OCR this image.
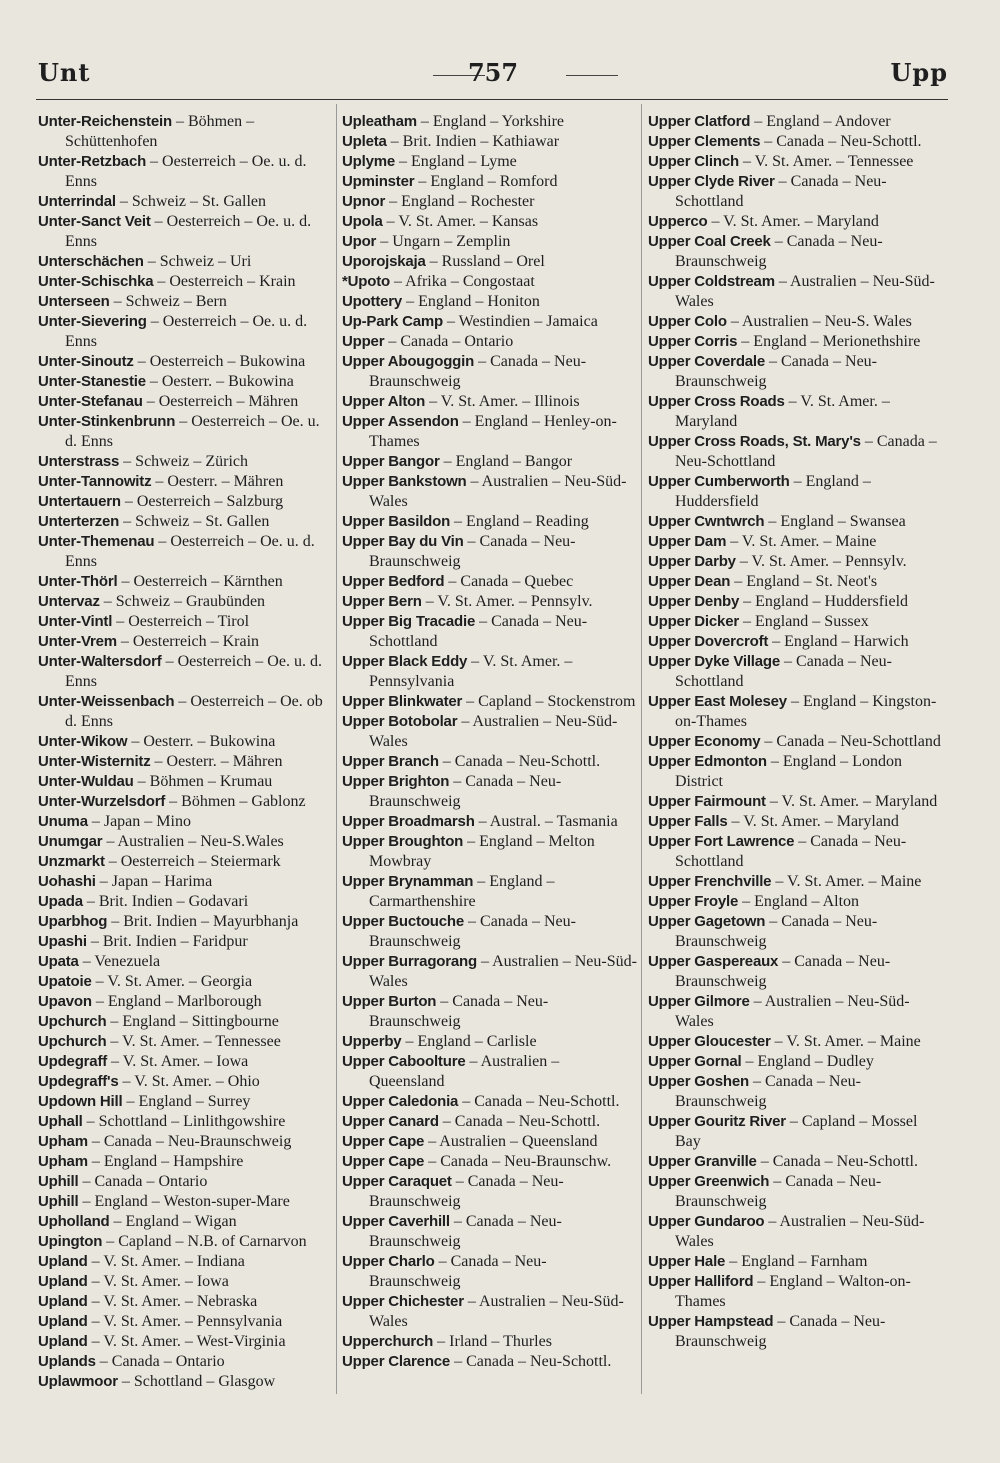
Unt	757	Upp
Unter-Reichenstein – Böhmen – Schüttenhofen
Unter-Retzbach – Oesterreich – Oe. u. d. Enns
Unterrindal – Schweiz – St. Gallen
Unter-Sanct Veit – Oesterreich – Oe. u. d. Enns
Unterschächen – Schweiz – Uri
Unter-Schischka – Oesterreich – Krain
Unterseen – Schweiz – Bern
Unter-Sievering – Oesterreich – Oe. u. d. Enns
Unter-Sinoutz – Oesterreich – Bukowina
Unter-Stanestie – Oesterr. – Bukowina
Unter-Stefanau – Oesterreich – Mähren
Unter-Stinkenbrunn – Oesterreich – Oe. u. d. Enns
Unterstrass – Schweiz – Zürich
Unter-Tannowitz – Oesterr. – Mähren
Untertauern – Oesterreich – Salzburg
Unterterzen – Schweiz – St. Gallen
Unter-Themenau – Oesterreich – Oe. u. d. Enns
Unter-Thörl – Oesterreich – Kärnthen
Untervaz – Schweiz – Graubünden
Unter-Vintl – Oesterreich – Tirol
Unter-Vrem – Oesterreich – Krain
Unter-Waltersdorf – Oesterreich – Oe. u. d. Enns
Unter-Weissenbach – Oesterreich – Oe. ob d. Enns
Unter-Wikow – Oesterr. – Bukowina
Unter-Wisternitz – Oesterr. – Mähren
Unter-Wuldau – Böhmen – Krumau
Unter-Wurzelsdorf – Böhmen – Gablonz
Unuma – Japan – Mino
Unumgar – Australien – Neu-S.Wales
Unzmarkt – Oesterreich – Steiermark
Uohashi – Japan – Harima
Upada – Brit. Indien – Godavari
Uparbhog – Brit. Indien – Mayurbhanja
Upashi – Brit. Indien – Faridpur
Upata – Venezuela
Upatoie – V. St. Amer. – Georgia
Upavon – England – Marlborough
Upchurch – England – Sittingbourne
Upchurch – V. St. Amer. – Tennessee
Updegraff – V. St. Amer. – Iowa
Updegraff's – V. St. Amer. – Ohio
Updown Hill – England – Surrey
Uphall – Schottland – Linlithgowshire
Upham – Canada – Neu-Braunschweig
Upham – England – Hampshire
Uphill – Canada – Ontario
Uphill – England – Weston-super-Mare
Upholland – England – Wigan
Upington – Capland – N.B. of Carnarvon
Upland – V. St. Amer. – Indiana
Upland – V. St. Amer. – Iowa
Upland – V. St. Amer. – Nebraska
Upland – V. St. Amer. – Pennsylvania
Upland – V. St. Amer. – West-Virginia
Uplands – Canada – Ontario
Uplawmoor – Schottland – Glasgow
Upleatham – England – Yorkshire
Upleta – Brit. Indien – Kathiawar
Uplyme – England – Lyme
Upminster – England – Romford
Upnor – England – Rochester
Upola – V. St. Amer. – Kansas
Upor – Ungarn – Zemplin
Uporojskaja – Russland – Orel
*Upoto – Afrika – Congostaat
Upottery – England – Honiton
Up-Park Camp – Westindien – Jamaica
Upper – Canada – Ontario
Upper Abougoggin – Canada – Neu-Braunschweig
Upper Alton – V. St. Amer. – Illinois
Upper Assendon – England – Henley-on-Thames
Upper Bangor – England – Bangor
Upper Bankstown – Australien – Neu-Süd-Wales
Upper Basildon – England – Reading
Upper Bay du Vin – Canada – Neu-Braunschweig
Upper Bedford – Canada – Quebec
Upper Bern – V. St. Amer. – Pennsylv.
Upper Big Tracadie – Canada – Neu-Schottland
Upper Black Eddy – V. St. Amer. – Pennsylvania
Upper Blinkwater – Capland – Stockenstrom
Upper Botobolar – Australien – Neu-Süd-Wales
Upper Branch – Canada – Neu-Schottl.
Upper Brighton – Canada – Neu-Braunschweig
Upper Broadmarsh – Austral. – Tasmania
Upper Broughton – England – Melton Mowbray
Upper Brynamman – England – Carmarthenshire
Upper Buctouche – Canada – Neu-Braunschweig
Upper Burragorang – Australien – Neu-Süd-Wales
Upper Burton – Canada – Neu-Braunschweig
Upperby – England – Carlisle
Upper Caboolture – Australien – Queensland
Upper Caledonia – Canada – Neu-Schottl.
Upper Canard – Canada – Neu-Schottl.
Upper Cape – Australien – Queensland
Upper Cape – Canada – Neu-Braunschw.
Upper Caraquet – Canada – Neu-Braunschweig
Upper Caverhill – Canada – Neu-Braunschweig
Upper Charlo – Canada – Neu-Braunschweig
Upper Chichester – Australien – Neu-Süd-Wales
Upperchurch – Irland – Thurles
Upper Clarence – Canada – Neu-Schottl.
Upper Clatford – England – Andover
Upper Clements – Canada – Neu-Schottl.
Upper Clinch – V. St. Amer. – Tennessee
Upper Clyde River – Canada – Neu-Schottland
Upperco – V. St. Amer. – Maryland
Upper Coal Creek – Canada – Neu-Braunschweig
Upper Coldstream – Australien – Neu-Süd-Wales
Upper Colo – Australien – Neu-S. Wales
Upper Corris – England – Merionethshire
Upper Coverdale – Canada – Neu-Braunschweig
Upper Cross Roads – V. St. Amer. – Maryland
Upper Cross Roads, St. Mary's – Canada – Neu-Schottland
Upper Cumberworth – England – Huddersfield
Upper Cwntwrch – England – Swansea
Upper Dam – V. St. Amer. – Maine
Upper Darby – V. St. Amer. – Pennsylv.
Upper Dean – England – St. Neot's
Upper Denby – England – Huddersfield
Upper Dicker – England – Sussex
Upper Dovercroft – England – Harwich
Upper Dyke Village – Canada – Neu-Schottland
Upper East Molesey – England – Kingston-on-Thames
Upper Economy – Canada – Neu-Schottland
Upper Edmonton – England – London District
Upper Fairmount – V. St. Amer. – Maryland
Upper Falls – V. St. Amer. – Maryland
Upper Fort Lawrence – Canada – Neu-Schottland
Upper Frenchville – V. St. Amer. – Maine
Upper Froyle – England – Alton
Upper Gagetown – Canada – Neu-Braunschweig
Upper Gaspereaux – Canada – Neu-Braunschweig
Upper Gilmore – Australien – Neu-Süd-Wales
Upper Gloucester – V. St. Amer. – Maine
Upper Gornal – England – Dudley
Upper Goshen – Canada – Neu-Braunschweig
Upper Gouritz River – Capland – Mossel Bay
Upper Granville – Canada – Neu-Schottl.
Upper Greenwich – Canada – Neu-Braunschweig
Upper Gundaroo – Australien – Neu-Süd-Wales
Upper Hale – England – Farnham
Upper Halliford – England – Walton-on-Thames
Upper Hampstead – Canada – Neu-Braunschweig
